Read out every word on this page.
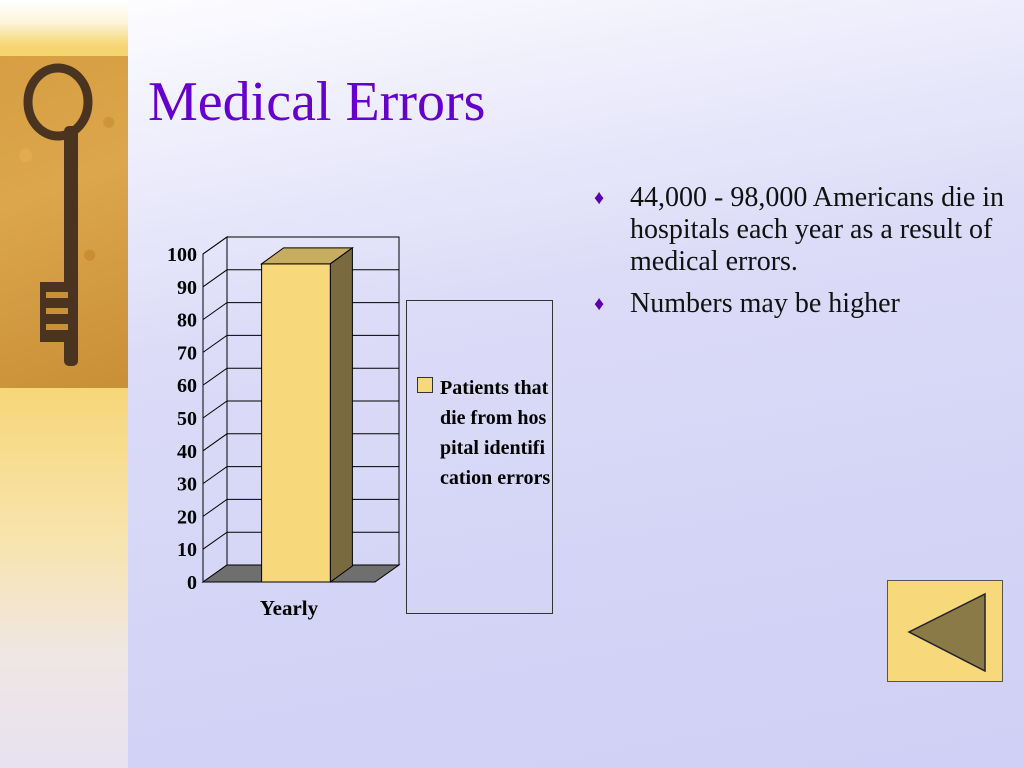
Medical Errors
♦ 44,000 - 98,000 Americans die in hospitals each year as a result of medical errors.
♦ Numbers may be higher
0
10
20
30
40
50
60
70
80
90
100
Yearly
Patients that die from hospital identification errors
